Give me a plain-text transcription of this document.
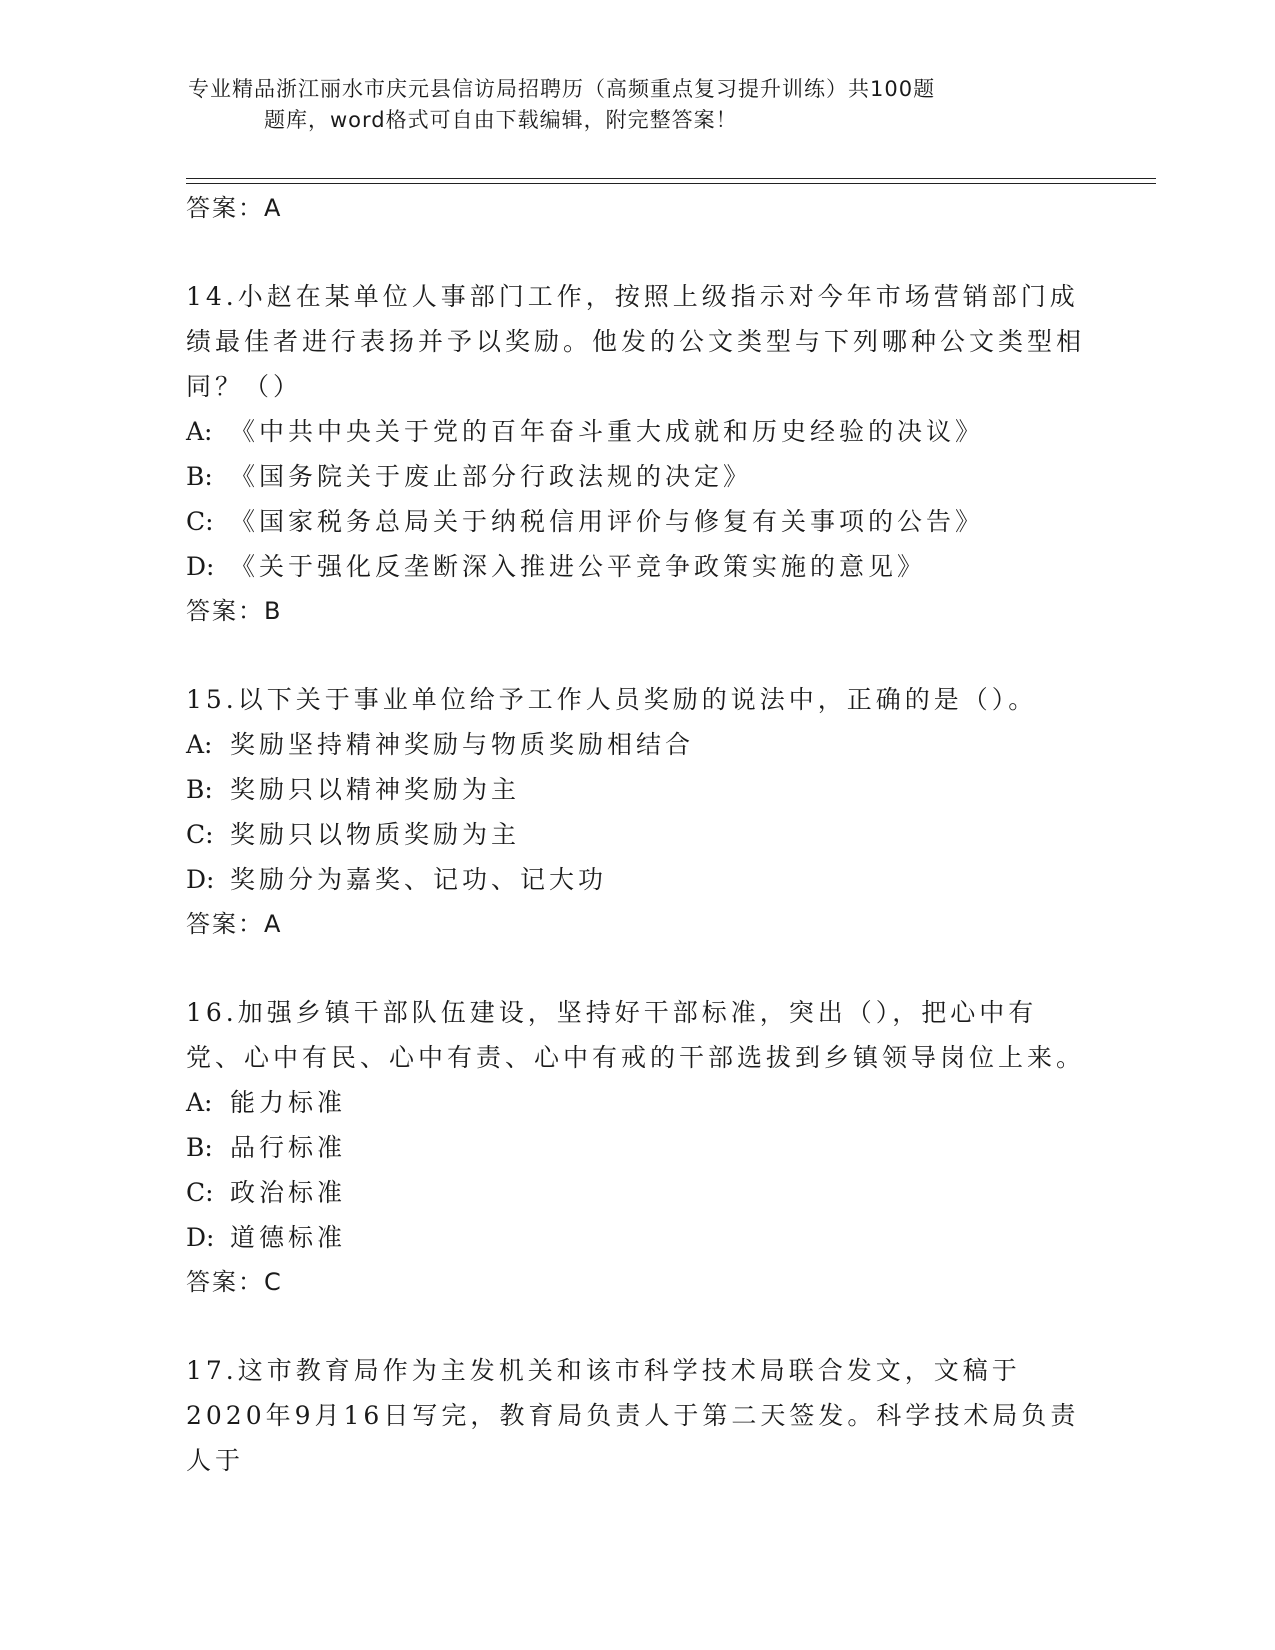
专业精品浙江丽水市庆元县信访局招聘历（高频重点复习提升训练）共100题
题库，word格式可自由下载编辑，附完整答案！
答案：A
14.小赵在某单位人事部门工作，按照上级指示对今年市场营销部门成绩最佳者进行表扬并予以奖励。他发的公文类型与下列哪种公文类型相同？（）
A: 《中共中央关于党的百年奋斗重大成就和历史经验的决议》
B: 《国务院关于废止部分行政法规的决定》
C: 《国家税务总局关于纳税信用评价与修复有关事项的公告》
D: 《关于强化反垄断深入推进公平竞争政策实施的意见》
答案：B
15.以下关于事业单位给予工作人员奖励的说法中，正确的是（）。
A: 奖励坚持精神奖励与物质奖励相结合
B: 奖励只以精神奖励为主
C: 奖励只以物质奖励为主
D: 奖励分为嘉奖、记功、记大功
答案：A
16.加强乡镇干部队伍建设，坚持好干部标准，突出（），把心中有党、心中有民、心中有责、心中有戒的干部选拔到乡镇领导岗位上来。
A: 能力标准
B: 品行标准
C: 政治标准
D: 道德标准
答案：C
17.这市教育局作为主发机关和该市科学技术局联合发文，文稿于2020年9月16日写完，教育局负责人于第二天签发。科学技术局负责人于
